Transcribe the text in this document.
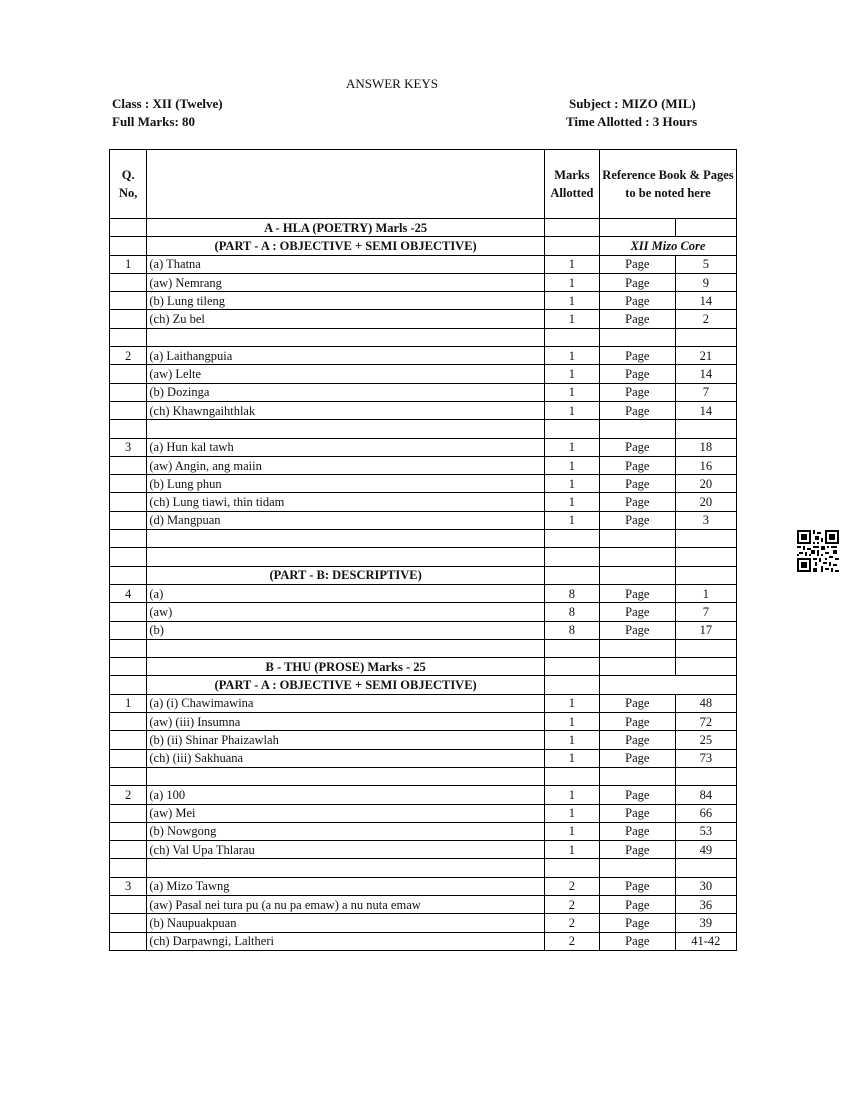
ANSWER KEYS
Class : XII (Twelve)
Full Marks: 80
Subject : MIZO (MIL)
Time Allotted : 3 Hours
Q. No,		Marks Allotted	Reference Book & Pages to be noted here	
	A - HLA (POETRY) Marls -25			
	(PART - A : OBJECTIVE + SEMI OBJECTIVE)		XII Mizo Core	
1	(a) Thatna	1	Page	5
	(aw) Nemrang	1	Page	9
	(b) Lung tileng	1	Page	14
	(ch) Zu bel	1	Page	2

2	(a) Laithangpuia	1	Page	21
	(aw) Lelte	1	Page	14
	(b) Dozinga	1	Page	7
	(ch) Khawngaihthlak	1	Page	14

3	(a) Hun kal tawh	1	Page	18
	(aw) Angin, ang maiin	1	Page	16
	(b) Lung phun	1	Page	20
	(ch) Lung tiawi, thin tidam	1	Page	20
	(d) Mangpuan	1	Page	3

	(PART - B: DESCRIPTIVE)			
4	(a)	8	Page	1
	(aw)	8	Page	7
	(b)	8	Page	17

	B - THU (PROSE) Marks - 25			
	(PART - A : OBJECTIVE + SEMI OBJECTIVE)			
1	(a) (i) Chawimawina	1	Page	48
	(aw) (iii) Insumna	1	Page	72
	(b) (ii) Shinar Phaizawlah	1	Page	25
	(ch) (iii) Sakhuana	1	Page	73

2	(a) 100	1	Page	84
	(aw) Mei	1	Page	66
	(b) Nowgong	1	Page	53
	(ch) Val Upa Thlarau	1	Page	49

3	(a) Mizo Tawng	2	Page	30
	(aw) Pasal nei tura pu (a nu pa emaw) a nu nuta emaw	2	Page	36
	(b) Naupuakpuan	2	Page	39
	(ch) Darpawngi, Laltheri	2	Page	41-42
